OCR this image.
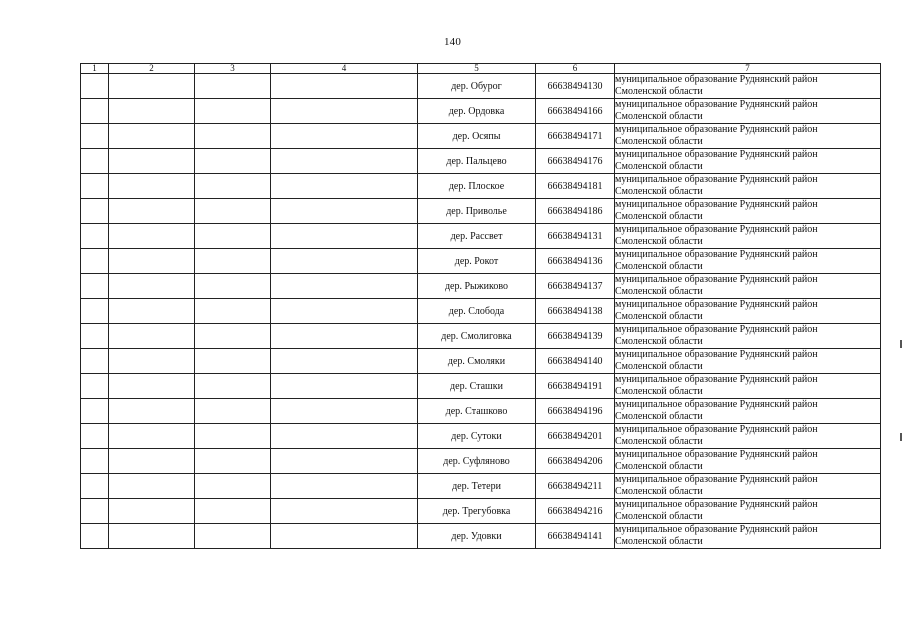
140
1	2	3	4	5	6	7
				дер. Обурог	66638494130	муниципальное образование Руднянский район
Смоленской области

				дер. Ордовка	66638494166	муниципальное образование Руднянский район
Смоленской области

				дер. Осяпы	66638494171	муниципальное образование Руднянский район
Смоленской области

				дер. Пальцево	66638494176	муниципальное образование Руднянский район
Смоленской области

				дер. Плоское	66638494181	муниципальное образование Руднянский район
Смоленской области

				дер. Приволье	66638494186	муниципальное образование Руднянский район
Смоленской области

				дер. Рассвет	66638494131	муниципальное образование Руднянский район
Смоленской области

				дер. Рокот	66638494136	муниципальное образование Руднянский район
Смоленской области

				дер. Рыжиково	66638494137	муниципальное образование Руднянский район
Смоленской области

				дер. Слобода	66638494138	муниципальное образование Руднянский район
Смоленской области

				дер. Смолиговка	66638494139	муниципальное образование Руднянский район
Смоленской области

				дер. Смоляки	66638494140	муниципальное образование Руднянский район
Смоленской области

				дер. Сташки	66638494191	муниципальное образование Руднянский район
Смоленской области

				дер. Сташково	66638494196	муниципальное образование Руднянский район
Смоленской области

				дер. Сутоки	66638494201	муниципальное образование Руднянский район
Смоленской области

				дер. Суфляново	66638494206	муниципальное образование Руднянский район
Смоленской области

				дер. Тетери	66638494211	муниципальное образование Руднянский район
Смоленской области

				дер. Трегубовка	66638494216	муниципальное образование Руднянский район
Смоленской области

				дер. Удовки	66638494141	муниципальное образование Руднянский район
Смоленской области
